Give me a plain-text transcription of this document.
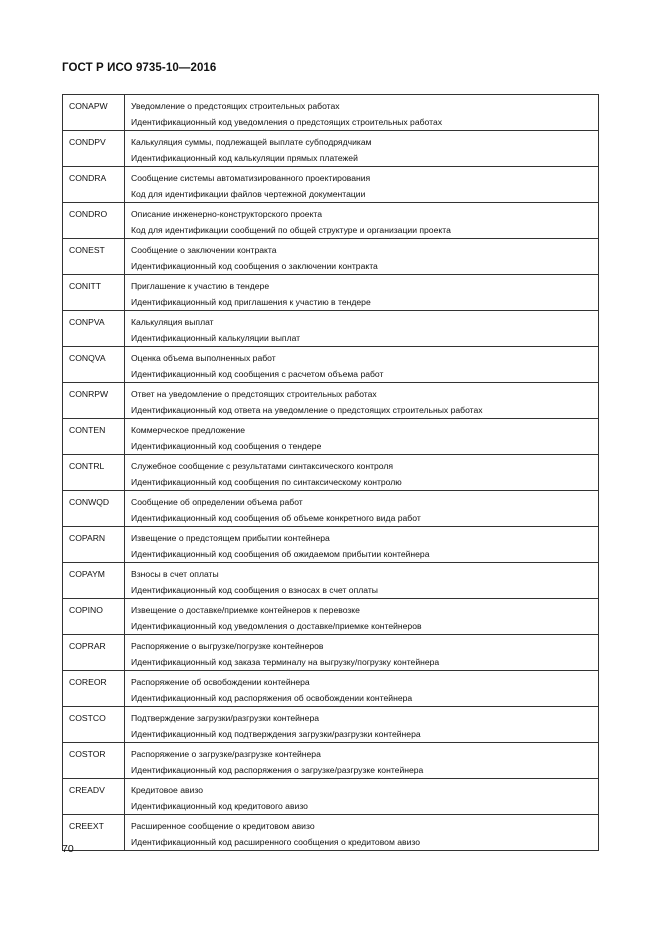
ГОСТ Р ИСО 9735-10—2016
CONAPW	Уведомление о предстоящих строительных работах
Идентификационный код уведомления о предстоящих строительных работах

CONDPV	Калькуляция суммы, подлежащей выплате субподрядчикам
Идентификационный код калькуляции прямых платежей

CONDRA	Сообщение системы автоматизированного проектирования
Код для идентификации файлов чертежной документации

CONDRO	Описание инженерно-конструкторского проекта
Код для идентификации сообщений по общей структуре и организации проекта

CONEST	Сообщение о заключении контракта
Идентификационный код сообщения о заключении контракта

CONITT	Приглашение к участию в тендере
Идентификационный код приглашения к участию в тендере

CONPVA	Калькуляция выплат
Идентификационный калькуляции выплат

CONQVA	Оценка объема выполненных работ
Идентификационный код сообщения с расчетом объема работ

CONRPW	Ответ на уведомление о предстоящих строительных работах
Идентификационный код ответа на уведомление о предстоящих строительных работах

CONTEN	Коммерческое предложение
Идентификационный код сообщения о тендере

CONTRL	Служебное сообщение с результатами синтаксического контроля
Идентификационный код сообщения по синтаксическому контролю

CONWQD	Сообщение об определении объема работ
Идентификационный код сообщения об объеме конкретного вида работ

COPARN	Извещение о предстоящем прибытии контейнера
Идентификационный код сообщения об ожидаемом прибытии контейнера

COPAYM	Взносы в счет оплаты
Идентификационный код сообщения о взносах в счет оплаты

COPINO	Извещение о доставке/приемке контейнеров к перевозке
Идентификационный код уведомления о доставке/приемке контейнеров

COPRAR	Распоряжение о выгрузке/погрузке контейнеров
Идентификационный код заказа терминалу на выгрузку/погрузку контейнера

COREOR	Распоряжение об освобождении контейнера
Идентификационный код распоряжения об освобождении контейнера

COSTCO	Подтверждение загрузки/разгрузки контейнера
Идентификационный код подтверждения загрузки/разгрузки контейнера

COSTOR	Распоряжение о загрузке/разгрузке контейнера
Идентификационный код распоряжения о загрузке/разгрузке контейнера

CREADV	Кредитовое авизо
Идентификационный код кредитового авизо

CREEXT	Расширенное сообщение о кредитовом авизо
Идентификационный код расширенного сообщения о кредитовом авизо
70
